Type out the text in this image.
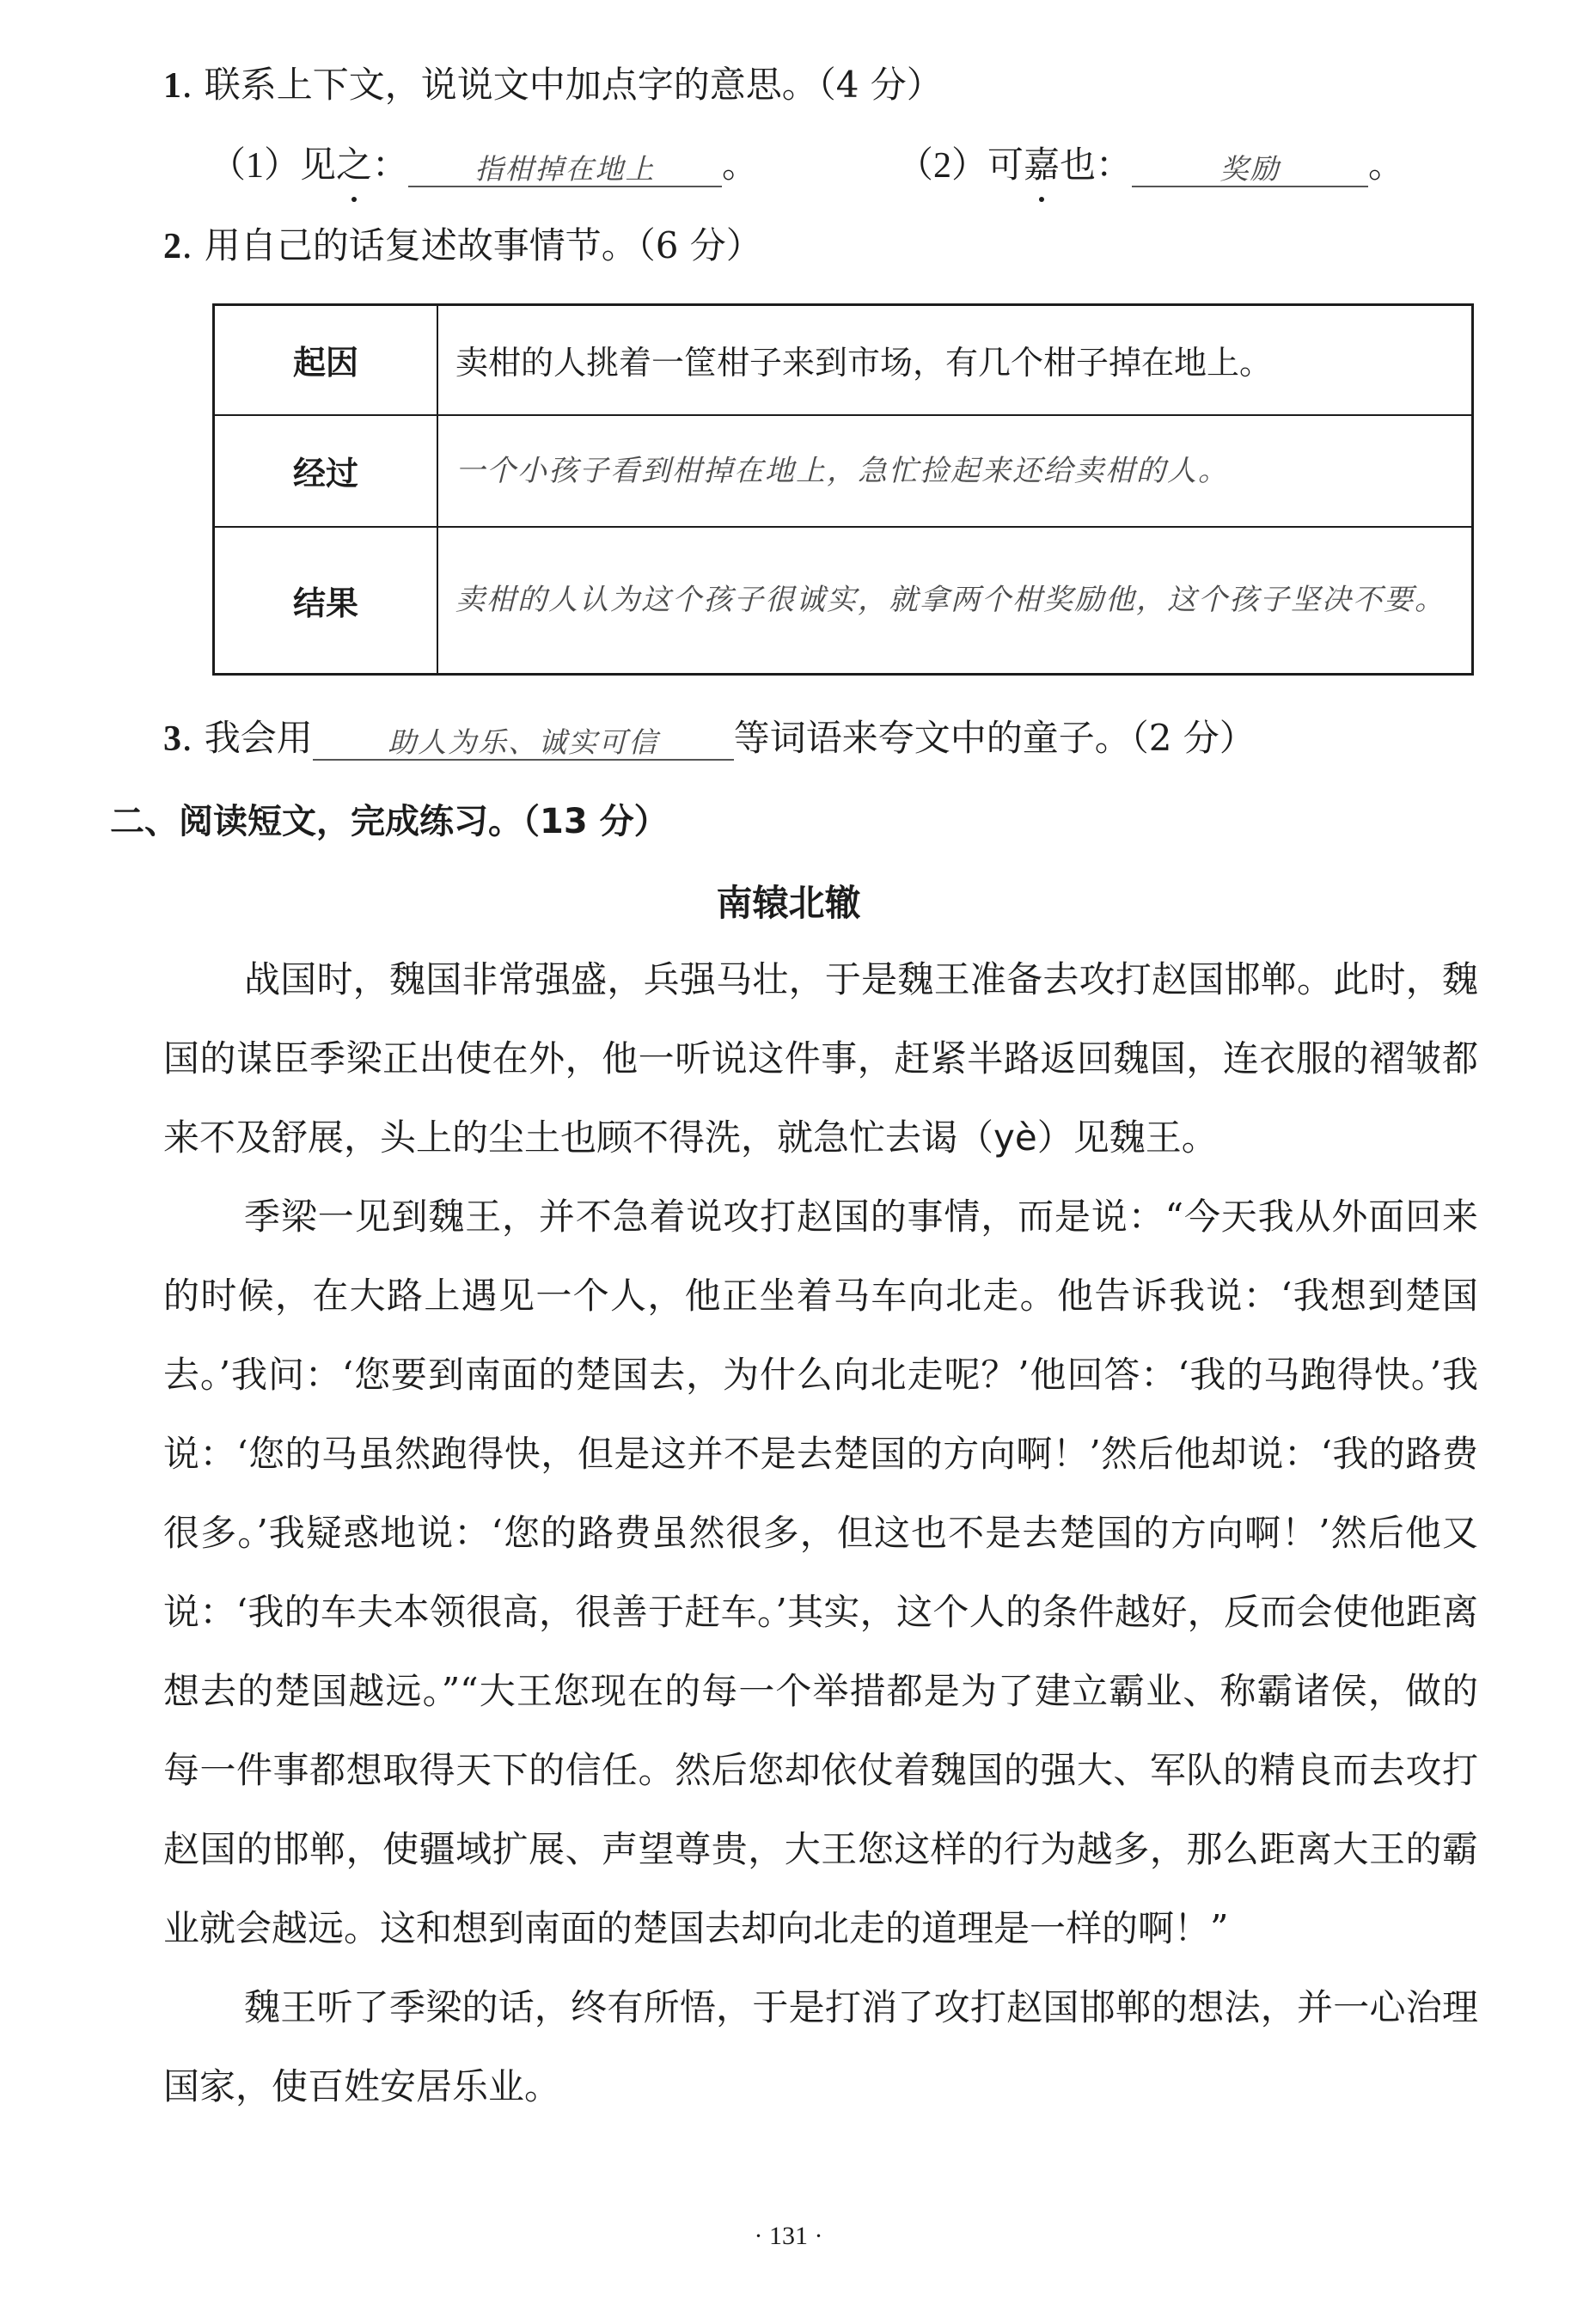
1. 联系上下文，说说文中加点字的意思。（4 分）
（1）见之： 指柑掉在地上 。	（2）可嘉也：	奖励 。
2. 用自己的话复述故事情节。（6 分）
起因	卖柑的人挑着一筐柑子来到市场，有几个柑子掉在地上。
经过	一个小孩子看到柑掉在地上，急忙捡起来还给卖柑的人。
结果	卖柑的人认为这个孩子很诚实，就拿两个柑奖励他，这个孩子坚决不要。
3. 我会用	助人为乐、诚实可信 等词语来夸文中的童子。（2 分）
二、阅读短文，完成练习。（13 分）
南辕北辙

战国时，魏国非常强盛，兵强马壮，于是魏王准备去攻打赵国邯郸。此时，魏国的谋臣季梁正出使在外，他一听说这件事，赶紧半路返回魏国，连衣服的褶皱都来不及舒展，头上的尘土也顾不得洗，就急忙去谒（yè）见魏王。

季梁一见到魏王，并不急着说攻打赵国的事情，而是说：“今天我从外面回来的时候，在大路上遇见一个人，他正坐着马车向北走。他告诉我说：‘我想到楚国去。’我问：‘您要到南面的楚国去，为什么向北走呢？’他回答：‘我的马跑得快。’我说：‘您的马虽然跑得快，但是这并不是去楚国的方向啊！’然后他却说：‘我的路费很多。’我疑惑地说：‘您的路费虽然很多，但这也不是去楚国的方向啊！’然后他又说：‘我的车夫本领很高，很善于赶车。’其实，这个人的条件越好，反而会使他距离想去的楚国越远。”“大王您现在的每一个举措都是为了建立霸业、称霸诸侯，做的每一件事都想取得天下的信任。然后您却依仗着魏国的强大、军队的精良而去攻打赵国的邯郸，使疆域扩展、声望尊贵，大王您这样的行为越多，那么距离大王的霸业就会越远。这和想到南面的楚国去却向北走的道理是一样的啊！”

魏王听了季梁的话，终有所悟，于是打消了攻打赵国邯郸的想法，并一心治理国家，使百姓安居乐业。

· 131 ·
